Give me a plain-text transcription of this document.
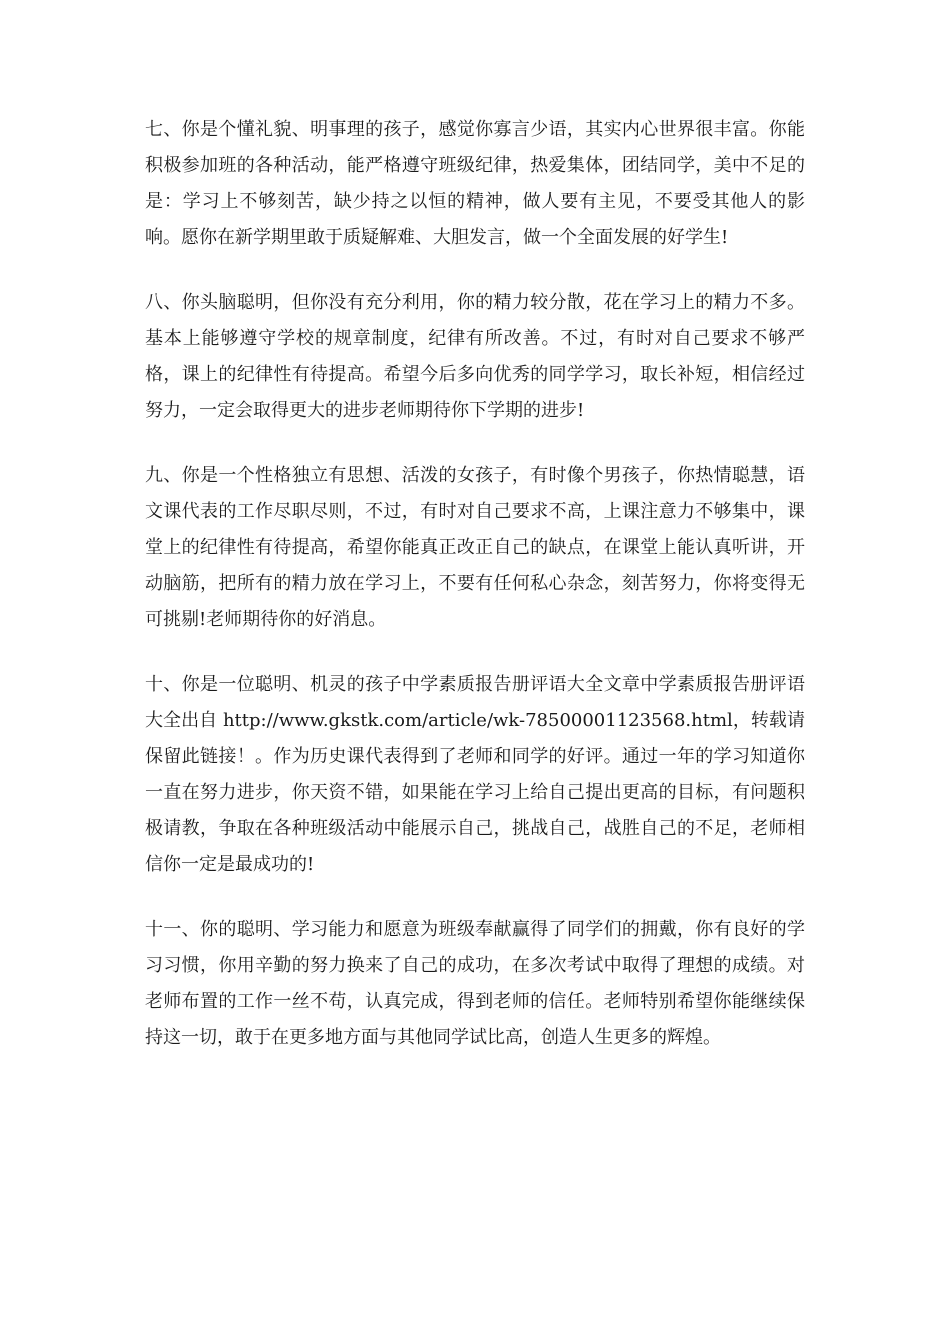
七、你是个懂礼貌、明事理的孩子，感觉你寡言少语，其实内心世界很丰富。你能积极参加班的各种活动，能严格遵守班级纪律，热爱集体，团结同学，美中不足的是：学习上不够刻苦，缺少持之以恒的精神，做人要有主见，不要受其他人的影响。愿你在新学期里敢于质疑解难、大胆发言，做一个全面发展的好学生!

八、你头脑聪明，但你没有充分利用，你的精力较分散，花在学习上的精力不多。基本上能够遵守学校的规章制度，纪律有所改善。不过，有时对自己要求不够严格，课上的纪律性有待提高。希望今后多向优秀的同学学习，取长补短，相信经过努力，一定会取得更大的进步老师期待你下学期的进步!

九、你是一个性格独立有思想、活泼的女孩子，有时像个男孩子，你热情聪慧，语文课代表的工作尽职尽则，不过，有时对自己要求不高，上课注意力不够集中，课堂上的纪律性有待提高，希望你能真正改正自己的缺点，在课堂上能认真听讲，开动脑筋，把所有的精力放在学习上，不要有任何私心杂念，刻苦努力，你将变得无可挑剔!老师期待你的好消息。

十、你是一位聪明、机灵的孩子中学素质报告册评语大全文章中学素质报告册评语大全出自 http://www.gkstk.com/article/wk-78500001123568.html，转载请保留此链接！。作为历史课代表得到了老师和同学的好评。通过一年的学习知道你一直在努力进步，你天资不错，如果能在学习上给自己提出更高的目标，有问题积极请教，争取在各种班级活动中能展示自己，挑战自己，战胜自己的不足，老师相信你一定是最成功的!

十一、你的聪明、学习能力和愿意为班级奉献赢得了同学们的拥戴，你有良好的学习习惯，你用辛勤的努力换来了自己的成功，在多次考试中取得了理想的成绩。对老师布置的工作一丝不苟，认真完成，得到老师的信任。老师特别希望你能继续保持这一切，敢于在更多地方面与其他同学试比高，创造人生更多的辉煌。
